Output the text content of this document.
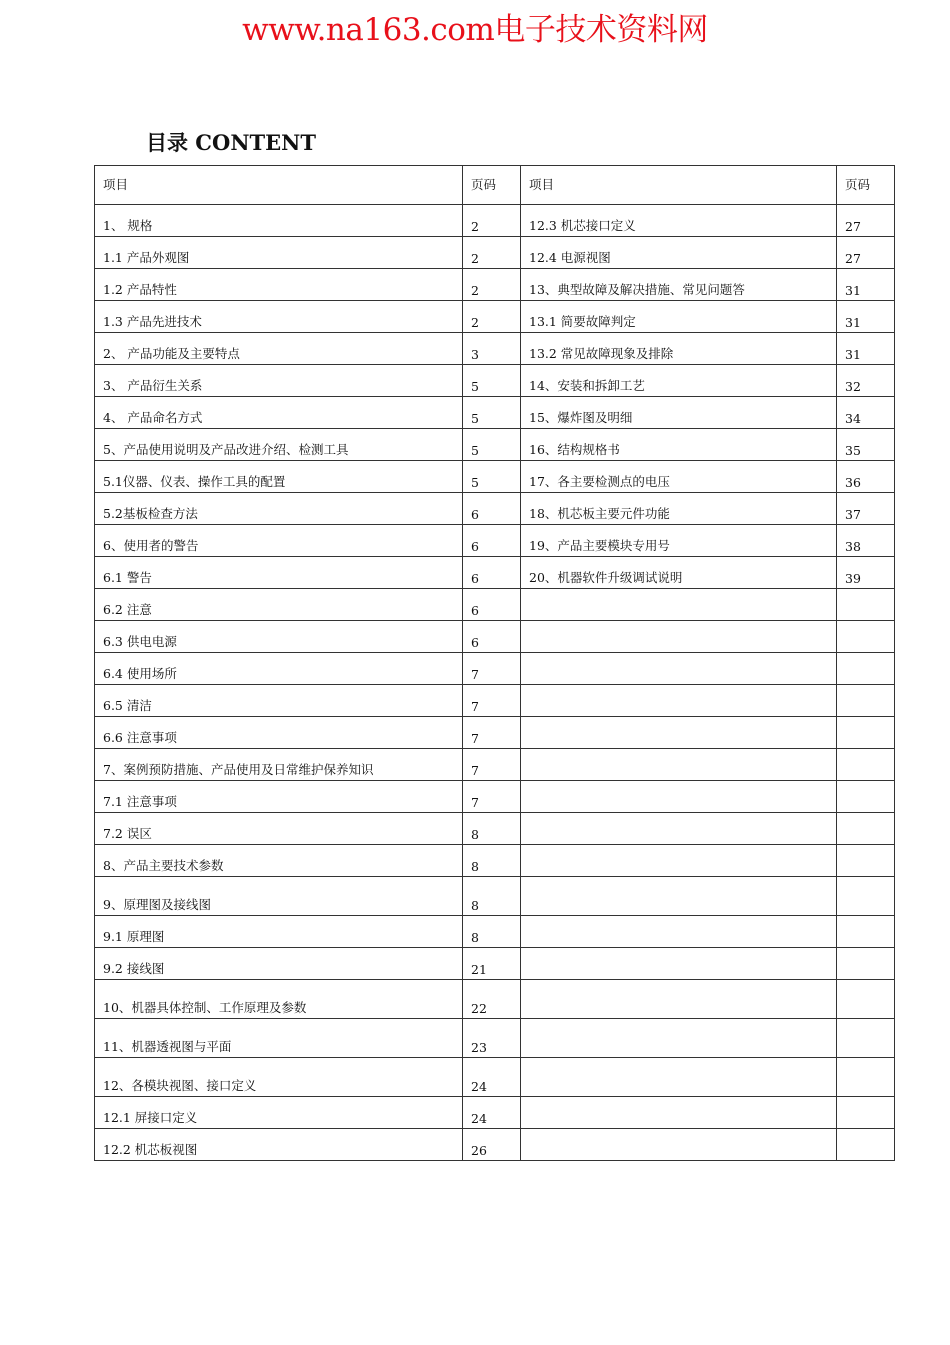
www.na163.com电子技术资料网
目录 CONTENT
项目	页码	项目	页码
1、 规格	2	12.3 机芯接口定义	27
1.1 产品外观图	2	12.4 电源视图	27
1.2 产品特性	2	13、典型故障及解决措施、常见问题答	31
1.3 产品先进技术	2	13.1 简要故障判定	31
2、 产品功能及主要特点	3	13.2 常见故障现象及排除	31
3、 产品衍生关系	5	14、安装和拆卸工艺	32
4、 产品命名方式	5	15、爆炸图及明细	34
5、产品使用说明及产品改进介绍、检测工具	5	16、结构规格书	35
5.1仪器、仪表、操作工具的配置	5	17、各主要检测点的电压	36
5.2基板检查方法	6	18、机芯板主要元件功能	37
6、使用者的警告	6	19、产品主要模块专用号	38
6.1 警告	6	20、机器软件升级调试说明	39
6.2 注意	6		
6.3 供电电源	6		
6.4 使用场所	7		
6.5 清洁	7		
6.6 注意事项	7		
7、案例预防措施、产品使用及日常维护保养知识	7		
7.1 注意事项	7		
7.2 误区	8		
8、产品主要技术参数	8		
9、原理图及接线图	8		
9.1 原理图	8		
9.2 接线图	21		
10、机器具体控制、工作原理及参数	22		
11、机器透视图与平面	23		
12、各模块视图、接口定义	24		
12.1 屏接口定义	24		
12.2 机芯板视图	26		
